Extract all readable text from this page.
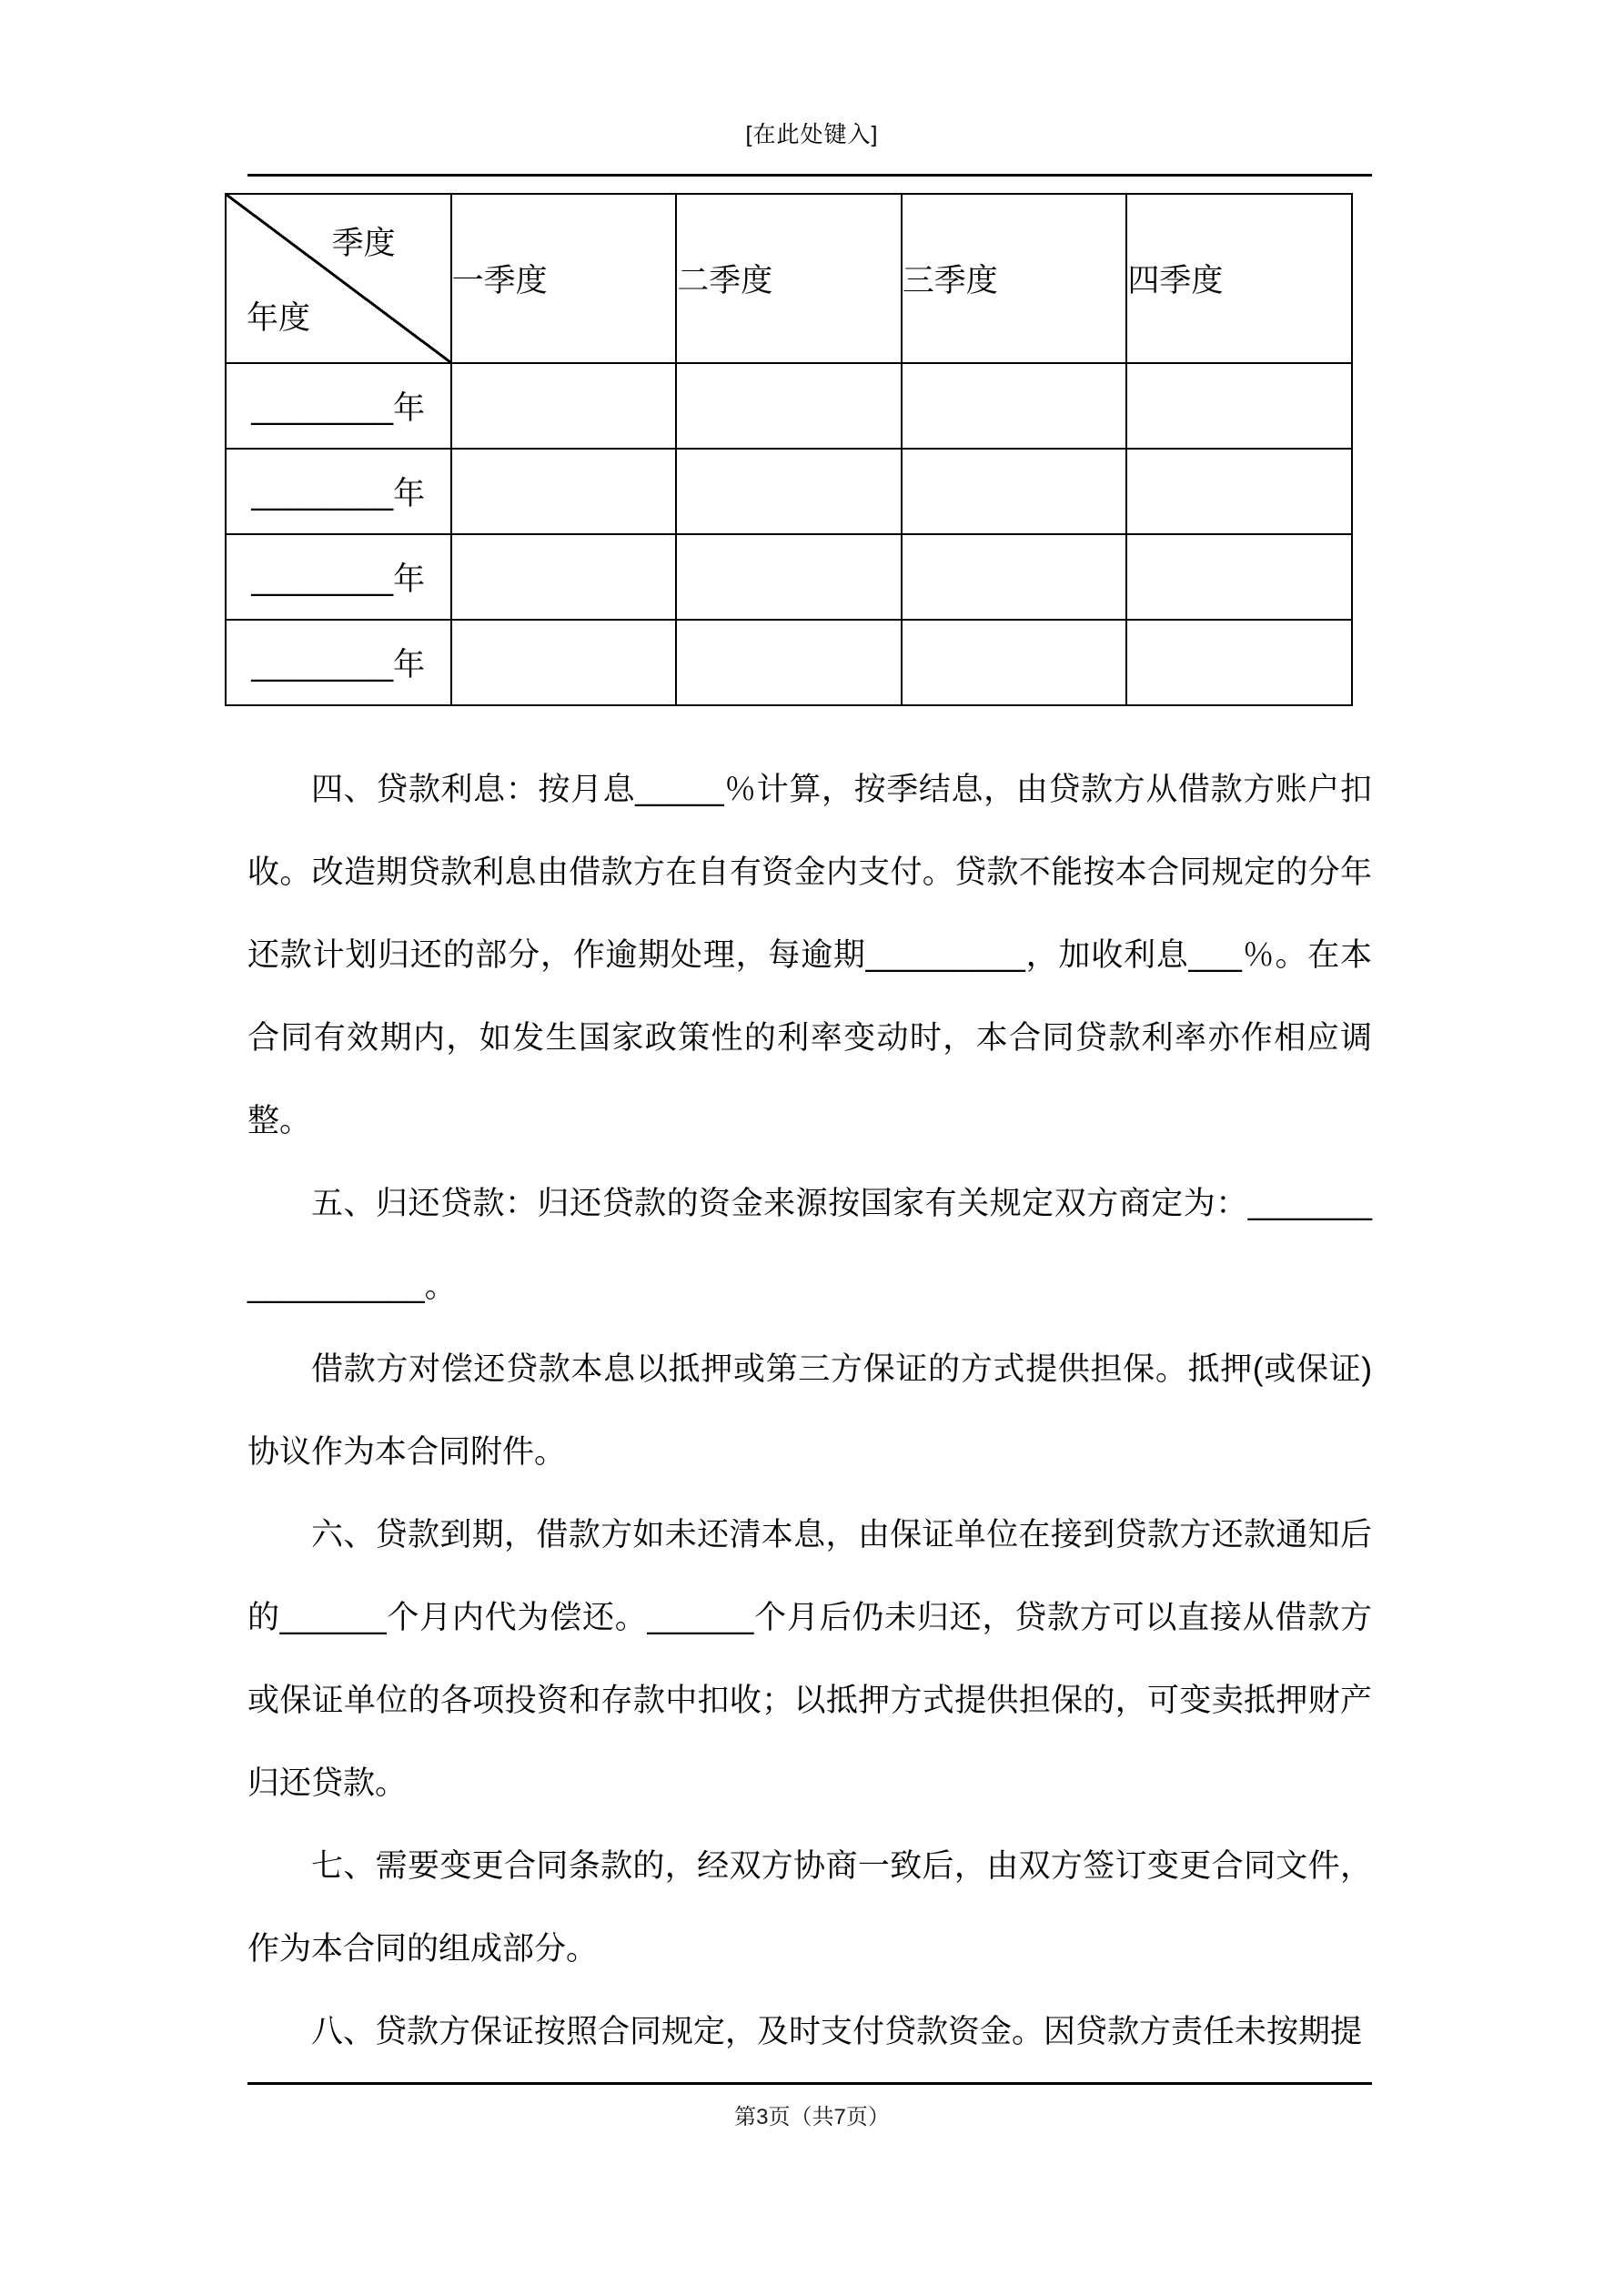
[在此处键入]
季度
年度	一季度	二季度	三季度	四季度
________年				
________年				
________年				
________年				

四、贷款利息：按月息_____％计算，按季结息，由贷款方从借款方账户扣收。改造期贷款利息由借款方在自有资金内支付。贷款不能按本合同规定的分年还款计划归还的部分，作逾期处理，每逾期_________，加收利息___％。在本合同有效期内，如发生国家政策性的利率变动时，本合同贷款利率亦作相应调整。

五、归还贷款：归还贷款的资金来源按国家有关规定双方商定为：_________________。

借款方对偿还贷款本息以抵押或第三方保证的方式提供担保。抵押(或保证)协议作为本合同附件。

六、贷款到期，借款方如未还清本息，由保证单位在接到贷款方还款通知后的______个月内代为偿还。______个月后仍未归还，贷款方可以直接从借款方或保证单位的各项投资和存款中扣收；以抵押方式提供担保的，可变卖抵押财产归还贷款。

七、需要变更合同条款的，经双方协商一致后，由双方签订变更合同文件，作为本合同的组成部分。

八、贷款方保证按照合同规定，及时支付贷款资金。因贷款方责任未按期提

第3页（共7页）
